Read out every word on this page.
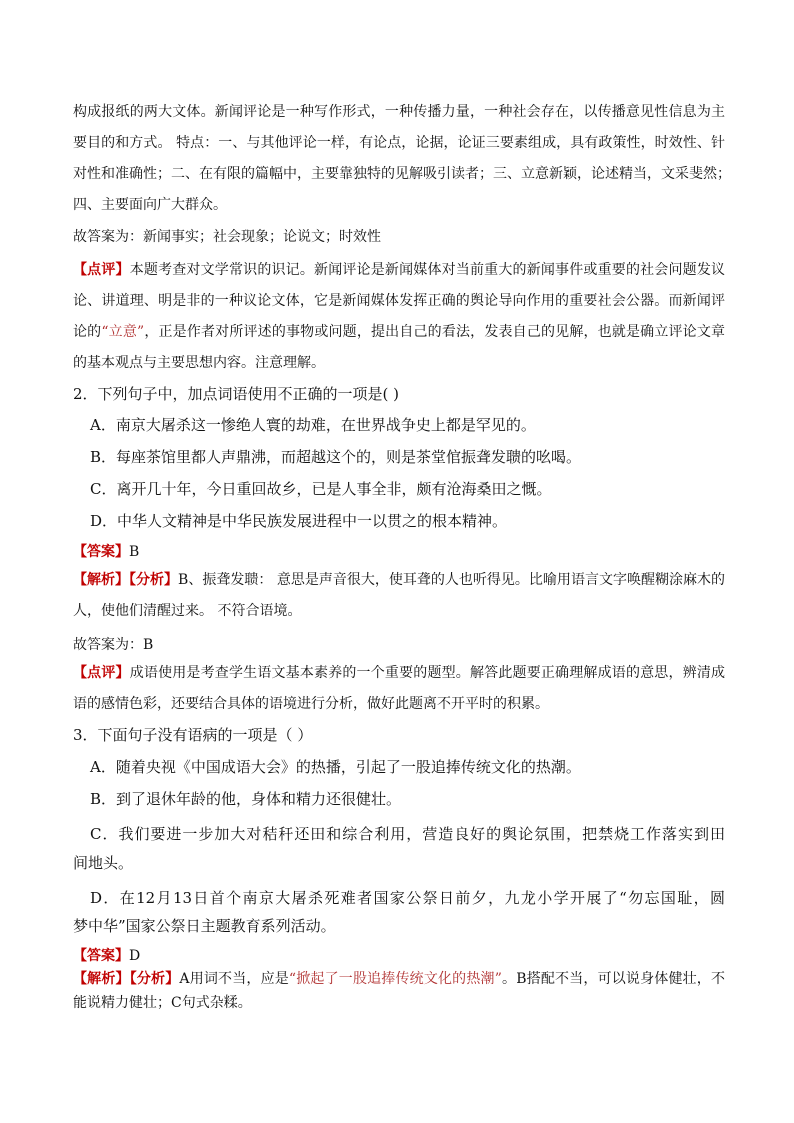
构成报纸的两大文体。新闻评论是一种写作形式，一种传播力量，一种社会存在，以传播意见性信息为主
要目的和方式。 特点：一、与其他评论一样，有论点，论据，论证三要素组成，具有政策性，时效性、针
对性和准确性；二、在有限的篇幅中，主要靠独特的见解吸引读者；三、立意新颖，论述精当，文采斐然；
四、主要面向广大群众。
故答案为：新闻事实；社会现象；论说文；时效性
【点评】本题考查对文学常识的识记。新闻评论是新闻媒体对当前重大的新闻事件或重要的社会问题发议
论、讲道理、明是非的一种议论文体，它是新闻媒体发挥正确的舆论导向作用的重要社会公器。而新闻评
论的“立意”，正是作者对所评述的事物或问题，提出自己的看法，发表自己的见解，也就是确立评论文章
的基本观点与主要思想内容。注意理解。
2．下列句子中，加点词语使用不正确的一项是( )
A．南京大屠杀这一惨绝人寰的劫难，在世界战争史上都是罕见的。
B．每座茶馆里都人声鼎沸，而超越这个的，则是茶堂倌振聋发聩的吆喝。
C．离开几十年，今日重回故乡，已是人事全非，颇有沧海桑田之慨。
D．中华人文精神是中华民族发展进程中一以贯之的根本精神。
【答案】B
【解析】【分析】B、振聋发聩： 意思是声音很大，使耳聋的人也听得见。比喻用语言文字唤醒糊涂麻木的
人，使他们清醒过来。 不符合语境。
故答案为：B
【点评】成语使用是考查学生语文基本素养的一个重要的题型。解答此题要正确理解成语的意思，辨清成
语的感情色彩，还要结合具体的语境进行分析，做好此题离不开平时的积累。
3．下面句子没有语病的一项是（ ）
A．随着央视《中国成语大会》的热播，引起了一股追捧传统文化的热潮。
B．到了退休年龄的他，身体和精力还很健壮。
C．我们要进一步加大对秸秆还田和综合利用，营造良好的舆论氛围，把禁烧工作落实到田
间地头。
D．在12月13日首个南京大屠杀死难者国家公祭日前夕，九龙小学开展了“勿忘国耻，圆
梦中华”国家公祭日主题教育系列活动。
【答案】D
【解析】【分析】A用词不当，应是“掀起了一股追捧传统文化的热潮”。B搭配不当，可以说身体健壮，不
能说精力健壮；C句式杂糅。
